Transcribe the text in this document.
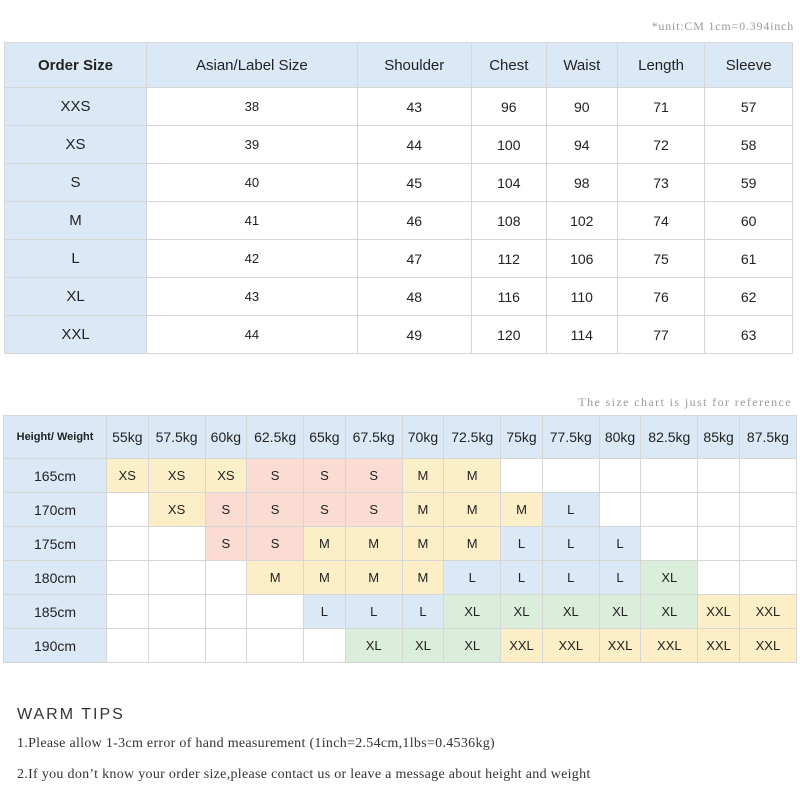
*unit:CM 1cm=0.394inch
Order Size	Asian/Label Size	Shoulder	Chest	Waist	Length	Sleeve
XXS	38	43	96	90	71	57
XS	39	44	100	94	72	58
S	40	45	104	98	73	59
M	41	46	108	102	74	60
L	42	47	112	106	75	61
XL	43	48	116	110	76	62
XXL	44	49	120	114	77	63
The size chart is just for reference
Height/ Weight	55kg	57.5kg	60kg	62.5kg	65kg	67.5kg	70kg	72.5kg	75kg	77.5kg	80kg	82.5kg	85kg	87.5kg
165cm	XS	XS	XS	S	S	S	M	M						
170cm		XS	S	S	S	S	M	M	M	L				
175cm			S	S	M	M	M	M	L	L	L			
180cm				M	M	M	M	L	L	L	L	XL		
185cm					L	L	L	XL	XL	XL	XL	XL	XXL	XXL
190cm						XL	XL	XL	XXL	XXL	XXL	XXL	XXL	XXL
WARM TIPS
1.Please allow 1-3cm error of hand measurement (1inch=2.54cm,1lbs=0.4536kg)
2.If you don’t know your order size,please contact us or leave a message about height and weight
